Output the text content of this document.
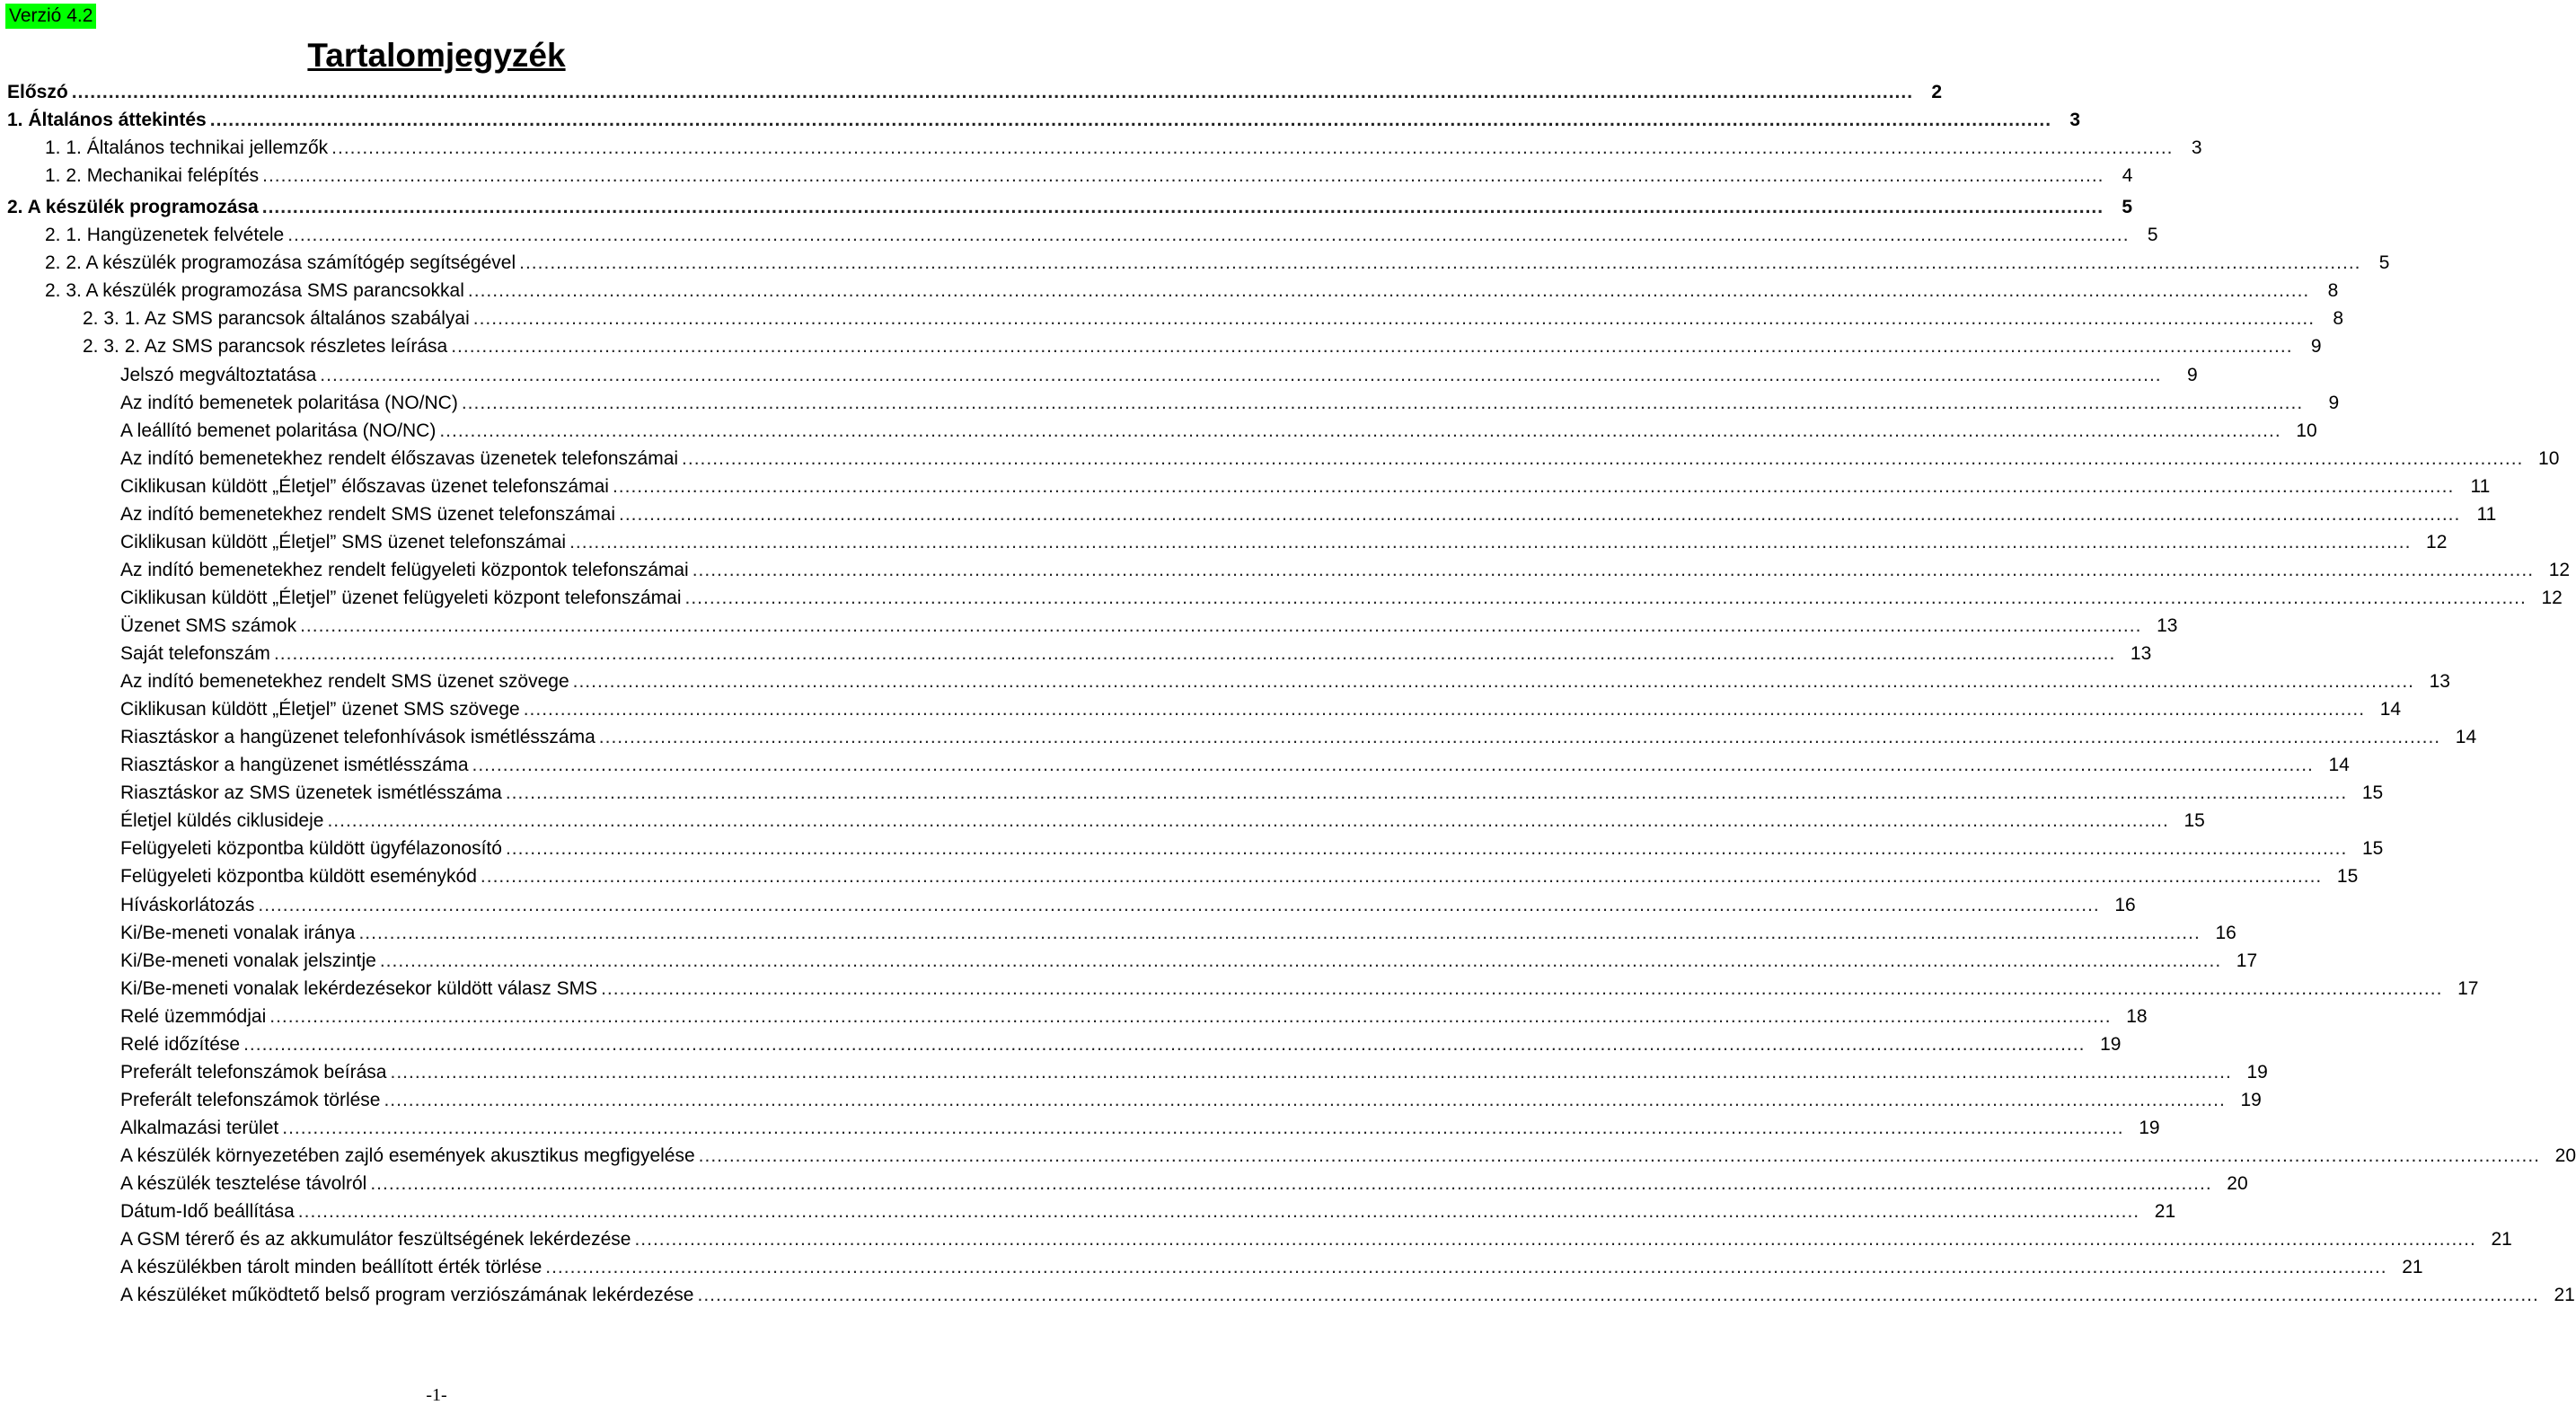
Verzió 4.2
Tartalomjegyzék
Előszó ............................................................................................................................................................................................................................................................................................................ 2
1. Általános áttekintés ............................................................................................................................................................................................................................................................................................................ 3
1. 1. Általános technikai jellemzők ............................................................................................................................................................................................................................................................................................................ 3
1. 2. Mechanikai felépítés ............................................................................................................................................................................................................................................................................................................ 4
2. A készülék programozása ............................................................................................................................................................................................................................................................................................................ 5
2. 1. Hangüzenetek felvétele ............................................................................................................................................................................................................................................................................................................ 5
2. 2. A készülék programozása számítógép segítségével ............................................................................................................................................................................................................................................................................................................ 5
2. 3. A készülék programozása SMS parancsokkal ............................................................................................................................................................................................................................................................................................................ 8
2. 3. 1. Az SMS parancsok általános szabályai ............................................................................................................................................................................................................................................................................................................ 8
2. 3. 2. Az SMS parancsok részletes leírása ............................................................................................................................................................................................................................................................................................................ 9
Jelszó megváltoztatása ............................................................................................................................................................................................................................................................................................................	9
Az indító bemenetek polaritása (NO/NC) ............................................................................................................................................................................................................................................................................................................	9
A leállító bemenet polaritása (NO/NC) ............................................................................................................................................................................................................................................................................................................ 10
Az indító bemenetekhez rendelt élőszavas üzenetek telefonszámai ............................................................................................................................................................................................................................................................................................................ 10
Ciklikusan küldött „Életjel” élőszavas üzenet telefonszámai ............................................................................................................................................................................................................................................................................................................ 11
Az indító bemenetekhez rendelt SMS üzenet telefonszámai ............................................................................................................................................................................................................................................................................................................ 11
Ciklikusan küldött „Életjel” SMS üzenet telefonszámai ............................................................................................................................................................................................................................................................................................................ 12
Az indító bemenetekhez rendelt felügyeleti központok telefonszámai ............................................................................................................................................................................................................................................................................................................ 12
Ciklikusan küldött „Életjel” üzenet felügyeleti központ telefonszámai ............................................................................................................................................................................................................................................................................................................ 12
Üzenet SMS számok ............................................................................................................................................................................................................................................................................................................ 13
Saját telefonszám ............................................................................................................................................................................................................................................................................................................ 13
Az indító bemenetekhez rendelt SMS üzenet szövege ............................................................................................................................................................................................................................................................................................................ 13
Ciklikusan küldött „Életjel” üzenet SMS szövege ............................................................................................................................................................................................................................................................................................................ 14
Riasztáskor a hangüzenet telefonhívások ismétlésszáma ............................................................................................................................................................................................................................................................................................................ 14
Riasztáskor a hangüzenet ismétlésszáma ............................................................................................................................................................................................................................................................................................................ 14
Riasztáskor az SMS üzenetek ismétlésszáma ............................................................................................................................................................................................................................................................................................................ 15
Életjel küldés ciklusideje ............................................................................................................................................................................................................................................................................................................ 15
Felügyeleti központba küldött ügyfélazonosító ............................................................................................................................................................................................................................................................................................................ 15
Felügyeleti központba küldött eseménykód ............................................................................................................................................................................................................................................................................................................ 15
Híváskorlátozás ............................................................................................................................................................................................................................................................................................................ 16
Ki/Be-meneti vonalak iránya ............................................................................................................................................................................................................................................................................................................ 16
Ki/Be-meneti vonalak jelszintje ............................................................................................................................................................................................................................................................................................................ 17
Ki/Be-meneti vonalak lekérdezésekor küldött válasz SMS ............................................................................................................................................................................................................................................................................................................ 17
Relé üzemmódjai ............................................................................................................................................................................................................................................................................................................ 18
Relé időzítése ............................................................................................................................................................................................................................................................................................................ 19
Preferált telefonszámok beírása ............................................................................................................................................................................................................................................................................................................ 19
Preferált telefonszámok törlése ............................................................................................................................................................................................................................................................................................................ 19
Alkalmazási terület ............................................................................................................................................................................................................................................................................................................ 19
A készülék környezetében zajló események akusztikus megfigyelése ............................................................................................................................................................................................................................................................................................................ 20
A készülék tesztelése távolról ............................................................................................................................................................................................................................................................................................................ 20
Dátum-Idő beállítása ............................................................................................................................................................................................................................................................................................................ 21
A GSM térerő és az akkumulátor feszültségének lekérdezése ............................................................................................................................................................................................................................................................................................................ 21
A készülékben tárolt minden beállított érték törlése ............................................................................................................................................................................................................................................................................................................ 21
A készüléket működtető belső program verziószámának lekérdezése ............................................................................................................................................................................................................................................................................................................ 21
-1-
